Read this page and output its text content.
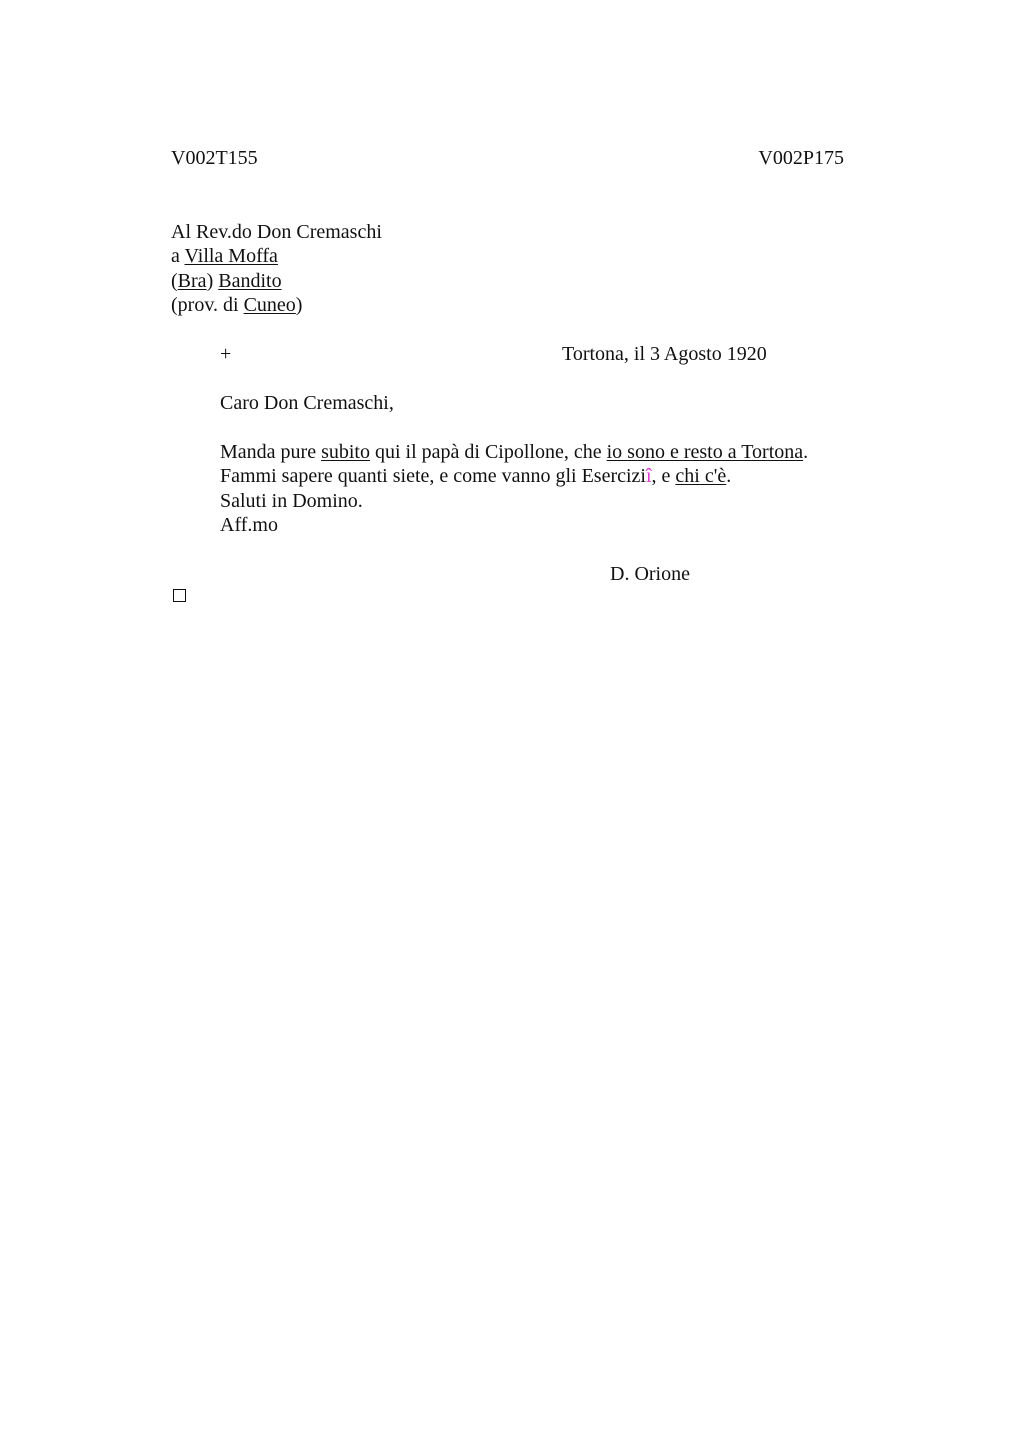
V002T155	V002P175
Al Rev.do Don Cremaschi
a Villa Moffa
(Bra) Bandito
(prov. di Cuneo)
+	Tortona, il 3 Agosto 1920
Caro Don Cremaschi,
Manda pure subito qui il papà di Cipollone, che io sono e resto a Tortona.
Fammi sapere quanti siete, e come vanno gli Eserciziî, e chi c'è.
Saluti in Domino.
Aff.mo
D. Orione
